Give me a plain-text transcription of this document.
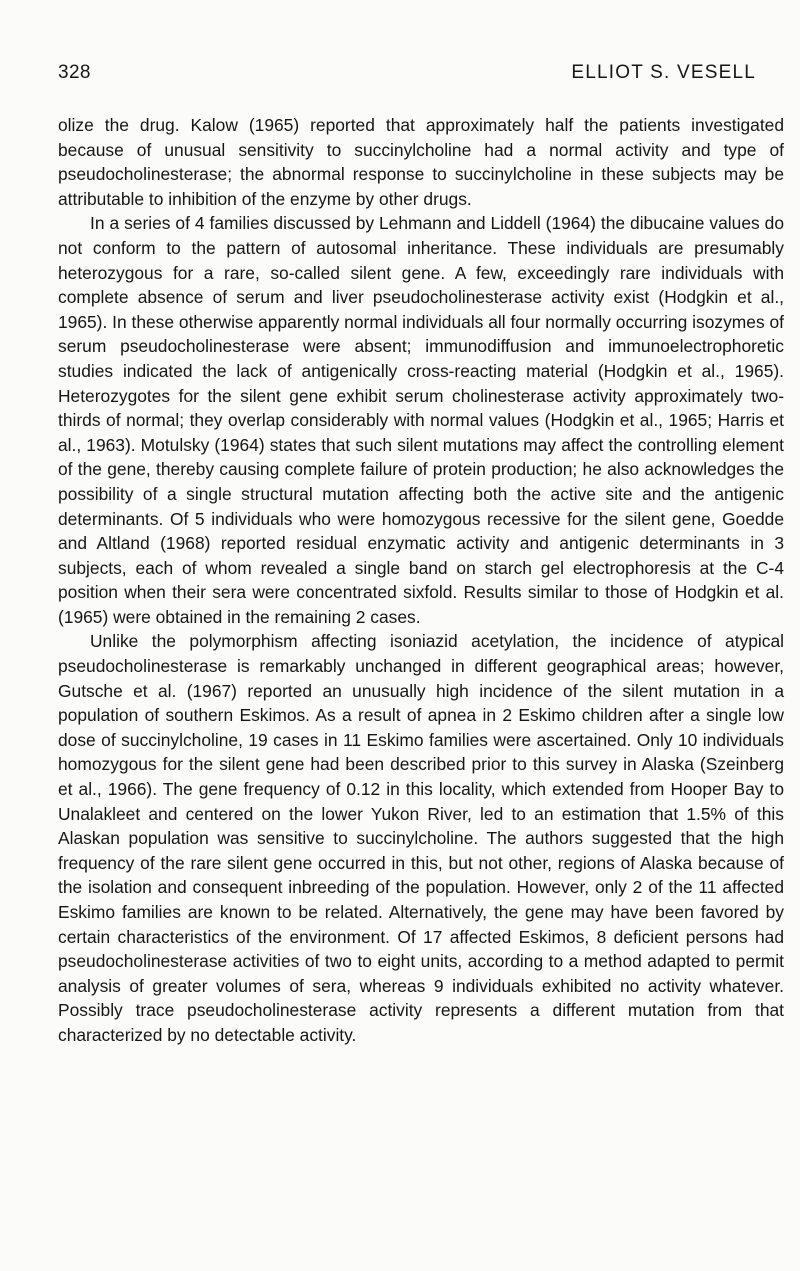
328	ELLIOT S. VESELL

olize the drug. Kalow (1965) reported that approximately half the patients investigated because of unusual sensitivity to succinylcholine had a normal activity and type of pseudocholinesterase; the abnormal response to succinylcholine in these subjects may be attributable to inhibition of the enzyme by other drugs.

In a series of 4 families discussed by Lehmann and Liddell (1964) the dibucaine values do not conform to the pattern of autosomal inheritance. These individuals are presumably heterozygous for a rare, so-called silent gene. A few, exceedingly rare individuals with complete absence of serum and liver pseudocholinesterase activity exist (Hodgkin et al., 1965). In these otherwise apparently normal individuals all four normally occurring isozymes of serum pseudocholinesterase were absent; immunodiffusion and immunoelectrophoretic studies indicated the lack of antigenically cross-reacting material (Hodgkin et al., 1965). Heterozygotes for the silent gene exhibit serum cholinesterase activity approximately two-thirds of normal; they overlap considerably with normal values (Hodgkin et al., 1965; Harris et al., 1963). Motulsky (1964) states that such silent mutations may affect the controlling element of the gene, thereby causing complete failure of protein production; he also acknowledges the possibility of a single structural mutation affecting both the active site and the antigenic determinants. Of 5 individuals who were homozygous recessive for the silent gene, Goedde and Altland (1968) reported residual enzymatic activity and antigenic determinants in 3 subjects, each of whom revealed a single band on starch gel electrophoresis at the C-4 position when their sera were concentrated sixfold. Results similar to those of Hodgkin et al. (1965) were obtained in the remaining 2 cases.

Unlike the polymorphism affecting isoniazid acetylation, the incidence of atypical pseudocholinesterase is remarkably unchanged in different geographical areas; however, Gutsche et al. (1967) reported an unusually high incidence of the silent mutation in a population of southern Eskimos. As a result of apnea in 2 Eskimo children after a single low dose of succinylcholine, 19 cases in 11 Eskimo families were ascertained. Only 10 individuals homozygous for the silent gene had been described prior to this survey in Alaska (Szeinberg et al., 1966). The gene frequency of 0.12 in this locality, which extended from Hooper Bay to Unalakleet and centered on the lower Yukon River, led to an estimation that 1.5% of this Alaskan population was sensitive to succinylcholine. The authors suggested that the high frequency of the rare silent gene occurred in this, but not other, regions of Alaska because of the isolation and consequent inbreeding of the population. However, only 2 of the 11 affected Eskimo families are known to be related. Alternatively, the gene may have been favored by certain characteristics of the environment. Of 17 affected Eskimos, 8 deficient persons had pseudocholinesterase activities of two to eight units, according to a method adapted to permit analysis of greater volumes of sera, whereas 9 individuals exhibited no activity whatever. Possibly trace pseudocholinesterase activity represents a different mutation from that characterized by no detectable activity.
